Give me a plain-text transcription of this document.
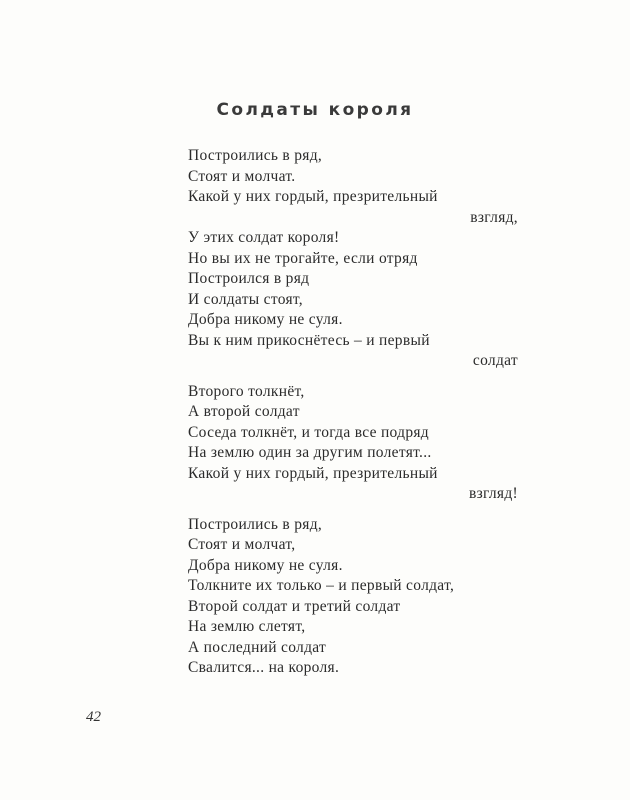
Солдаты короля
Построились в ряд,
Стоят и молчат.
Какой у них гордый, презрительный
взгляд,
У этих солдат короля!
Но вы их не трогайте, если отряд
Построился в ряд
И солдаты стоят,
Добра никому не суля.
Вы к ним прикоснётесь – и первый
солдат
Второго толкнёт,
А второй солдат
Соседа толкнёт, и тогда все подряд
На землю один за другим полетят...
Какой у них гордый, презрительный
взгляд!
Построились в ряд,
Стоят и молчат,
Добра никому не суля.
Толкните их только – и первый солдат,
Второй солдат и третий солдат
На землю слетят,
А последний солдат
Свалится... на короля.
42
